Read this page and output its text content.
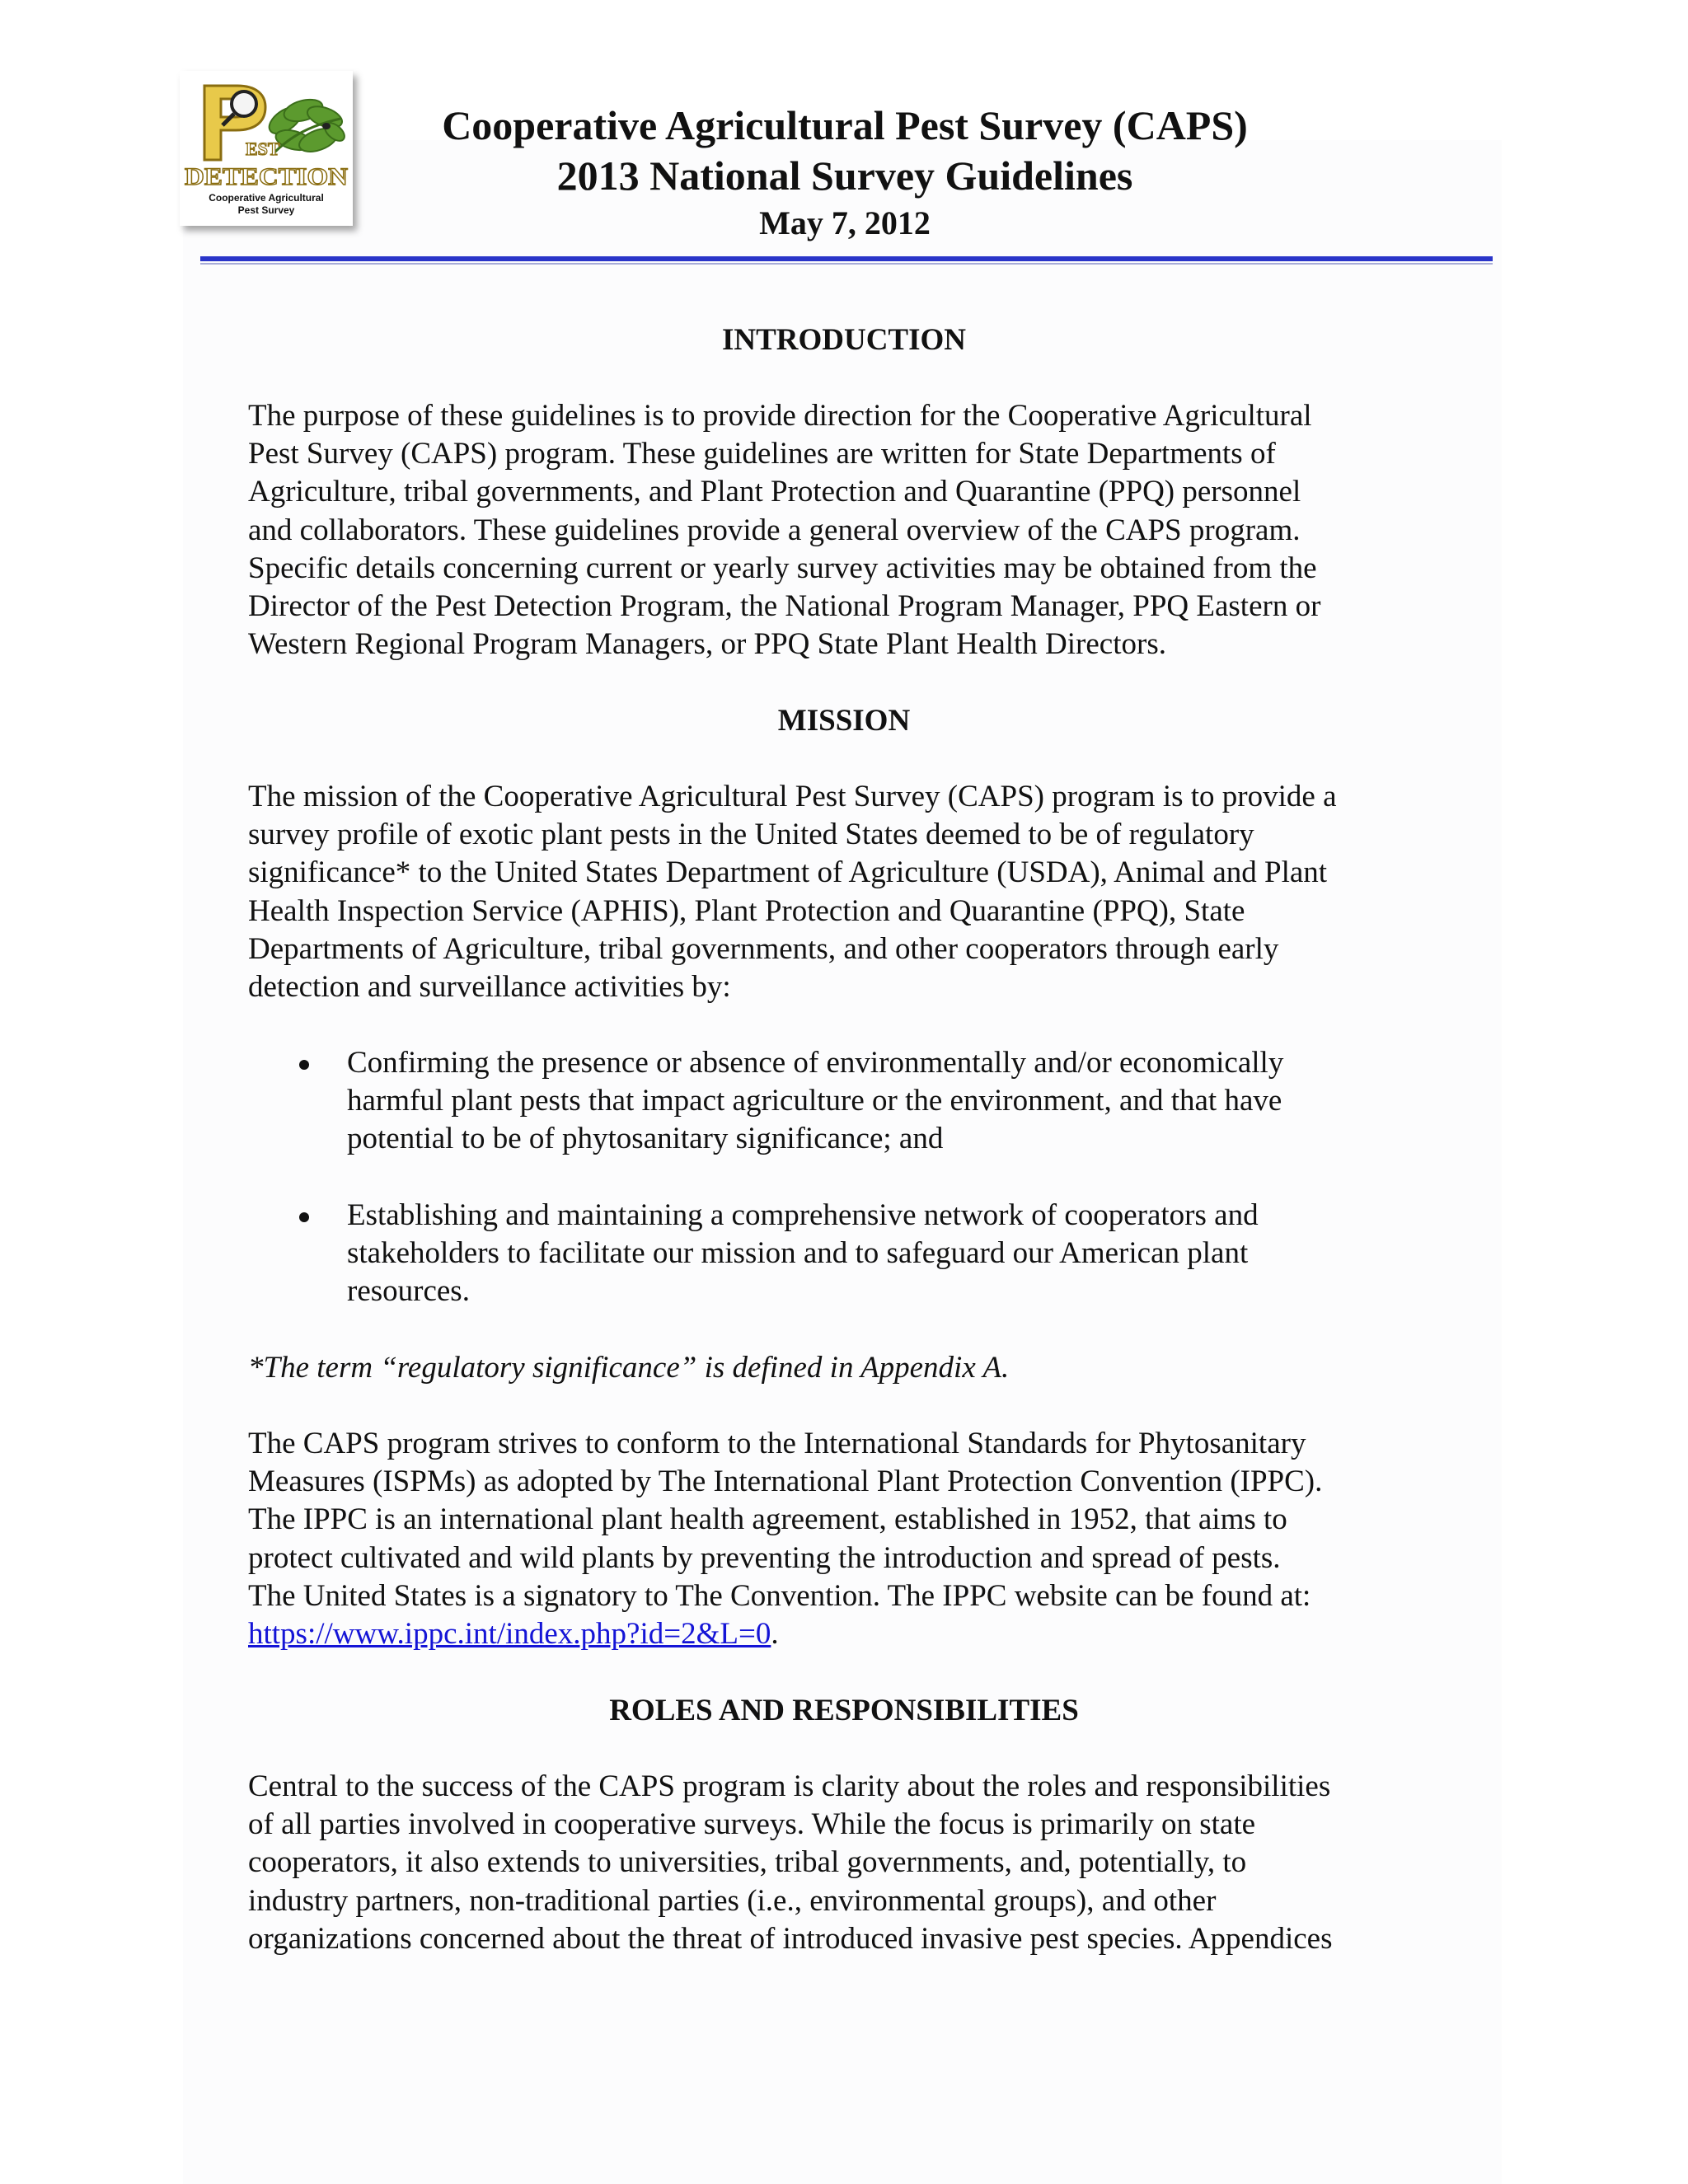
EST
DETECTION
Cooperative Agricultural
Pest Survey
Cooperative Agricultural Pest Survey (CAPS)
2013 National Survey Guidelines
May 7, 2012
INTRODUCTION

The purpose of these guidelines is to provide direction for the Cooperative Agricultural
Pest Survey (CAPS) program. These guidelines are written for State Departments of
Agriculture, tribal governments, and Plant Protection and Quarantine (PPQ) personnel
and collaborators. These guidelines provide a general overview of the CAPS program.
Specific details concerning current or yearly survey activities may be obtained from the
Director of the Pest Detection Program, the National Program Manager, PPQ Eastern or
Western Regional Program Managers, or PPQ State Plant Health Directors.

MISSION

The mission of the Cooperative Agricultural Pest Survey (CAPS) program is to provide a
survey profile of exotic plant pests in the United States deemed to be of regulatory
significance* to the United States Department of Agriculture (USDA), Animal and Plant
Health Inspection Service (APHIS), Plant Protection and Quarantine (PPQ), State
Departments of Agriculture, tribal governments, and other cooperators through early
detection and surveillance activities by:

Confirming the presence or absence of environmentally and/or economically
harmful plant pests that impact agriculture or the environment, and that have
potential to be of phytosanitary significance; and
Establishing and maintaining a comprehensive network of cooperators and
stakeholders to facilitate our mission and to safeguard our American plant
resources.

*The term “regulatory significance” is defined in Appendix A.

The CAPS program strives to conform to the International Standards for Phytosanitary
Measures (ISPMs) as adopted by The International Plant Protection Convention (IPPC).
The IPPC is an international plant health agreement, established in 1952, that aims to
protect cultivated and wild plants by preventing the introduction and spread of pests.
The United States is a signatory to The Convention. The IPPC website can be found at:
https://www.ippc.int/index.php?id=2&L=0.

ROLES AND RESPONSIBILITIES

Central to the success of the CAPS program is clarity about the roles and responsibilities
of all parties involved in cooperative surveys. While the focus is primarily on state
cooperators, it also extends to universities, tribal governments, and, potentially, to
industry partners, non-traditional parties (i.e., environmental groups), and other
organizations concerned about the threat of introduced invasive pest species. Appendices
